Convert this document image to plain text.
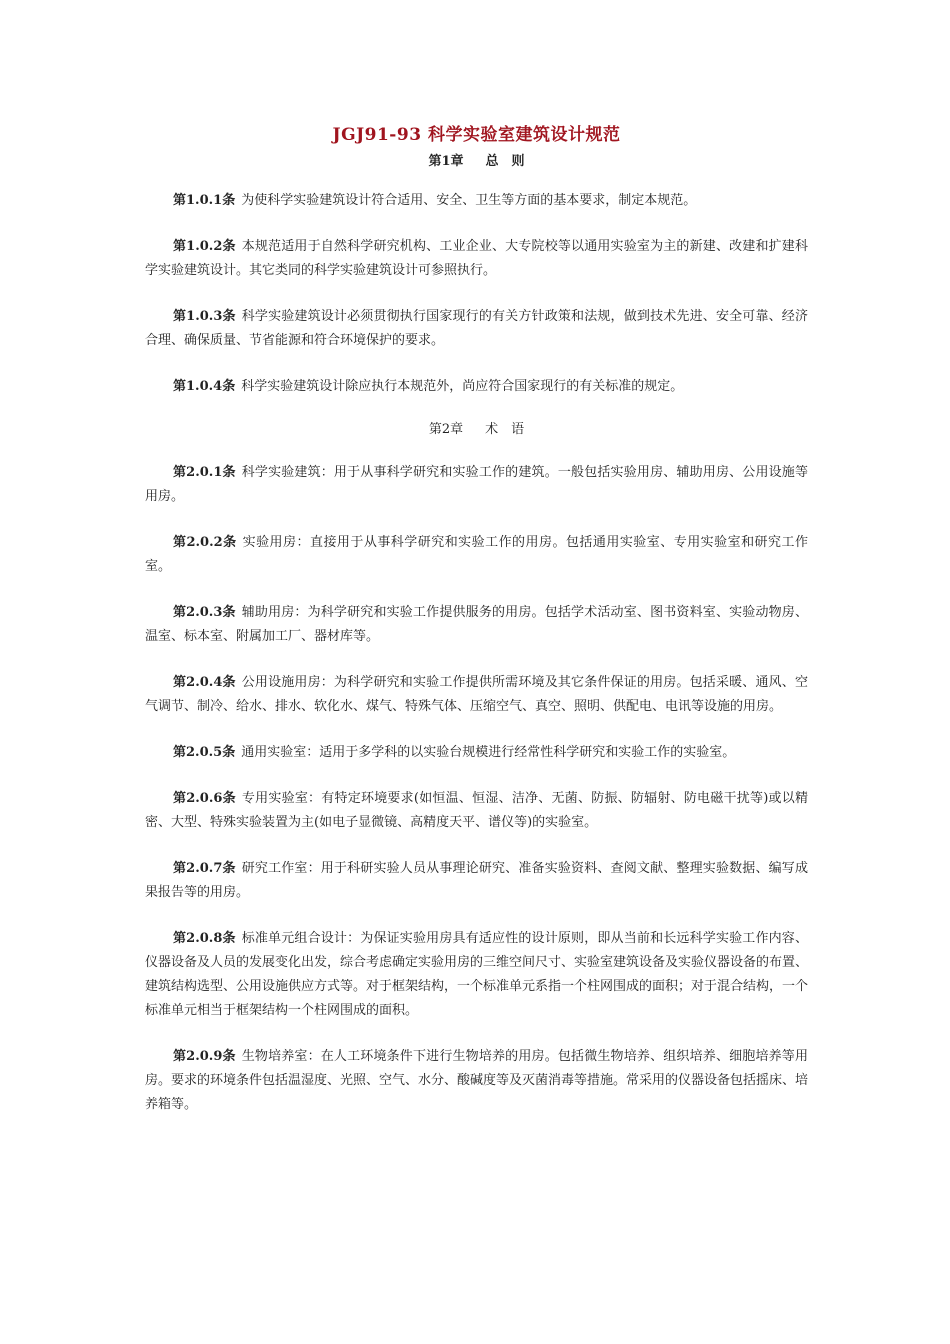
JGJ91-93 科学实验室建筑设计规范
第1章 总　则

第1.0.1条 为使科学实验建筑设计符合适用、安全、卫生等方面的基本要求，制定本规范。

第1.0.2条 本规范适用于自然科学研究机构、工业企业、大专院校等以通用实验室为主的新建、改建和扩建科学实验建筑设计。其它类同的科学实验建筑设计可参照执行。

第1.0.3条 科学实验建筑设计必须贯彻执行国家现行的有关方针政策和法规，做到技术先进、安全可靠、经济合理、确保质量、节省能源和符合环境保护的要求。

第1.0.4条 科学实验建筑设计除应执行本规范外，尚应符合国家现行的有关标准的规定。

第2章 术　语

第2.0.1条 科学实验建筑：用于从事科学研究和实验工作的建筑。一般包括实验用房、辅助用房、公用设施等用房。

第2.0.2条 实验用房：直接用于从事科学研究和实验工作的用房。包括通用实验室、专用实验室和研究工作室。

第2.0.3条 辅助用房：为科学研究和实验工作提供服务的用房。包括学术活动室、图书资料室、实验动物房、温室、标本室、附属加工厂、器材库等。

第2.0.4条 公用设施用房：为科学研究和实验工作提供所需环境及其它条件保证的用房。包括采暖、通风、空气调节、制冷、给水、排水、软化水、煤气、特殊气体、压缩空气、真空、照明、供配电、电讯等设施的用房。

第2.0.5条 通用实验室：适用于多学科的以实验台规模进行经常性科学研究和实验工作的实验室。

第2.0.6条 专用实验室：有特定环境要求(如恒温、恒湿、洁净、无菌、防振、防辐射、防电磁干扰等)或以精密、大型、特殊实验装置为主(如电子显微镜、高精度天平、谱仪等)的实验室。

第2.0.7条 研究工作室：用于科研实验人员从事理论研究、准备实验资料、查阅文献、整理实验数据、编写成果报告等的用房。

第2.0.8条 标准单元组合设计：为保证实验用房具有适应性的设计原则，即从当前和长远科学实验工作内容、仪器设备及人员的发展变化出发，综合考虑确定实验用房的三维空间尺寸、实验室建筑设备及实验仪器设备的布置、建筑结构选型、公用设施供应方式等。对于框架结构，一个标准单元系指一个柱网围成的面积；对于混合结构，一个标准单元相当于框架结构一个柱网围成的面积。

第2.0.9条 生物培养室：在人工环境条件下进行生物培养的用房。包括微生物培养、组织培养、细胞培养等用房。要求的环境条件包括温湿度、光照、空气、水分、酸碱度等及灭菌消毒等措施。常采用的仪器设备包括摇床、培养箱等。
